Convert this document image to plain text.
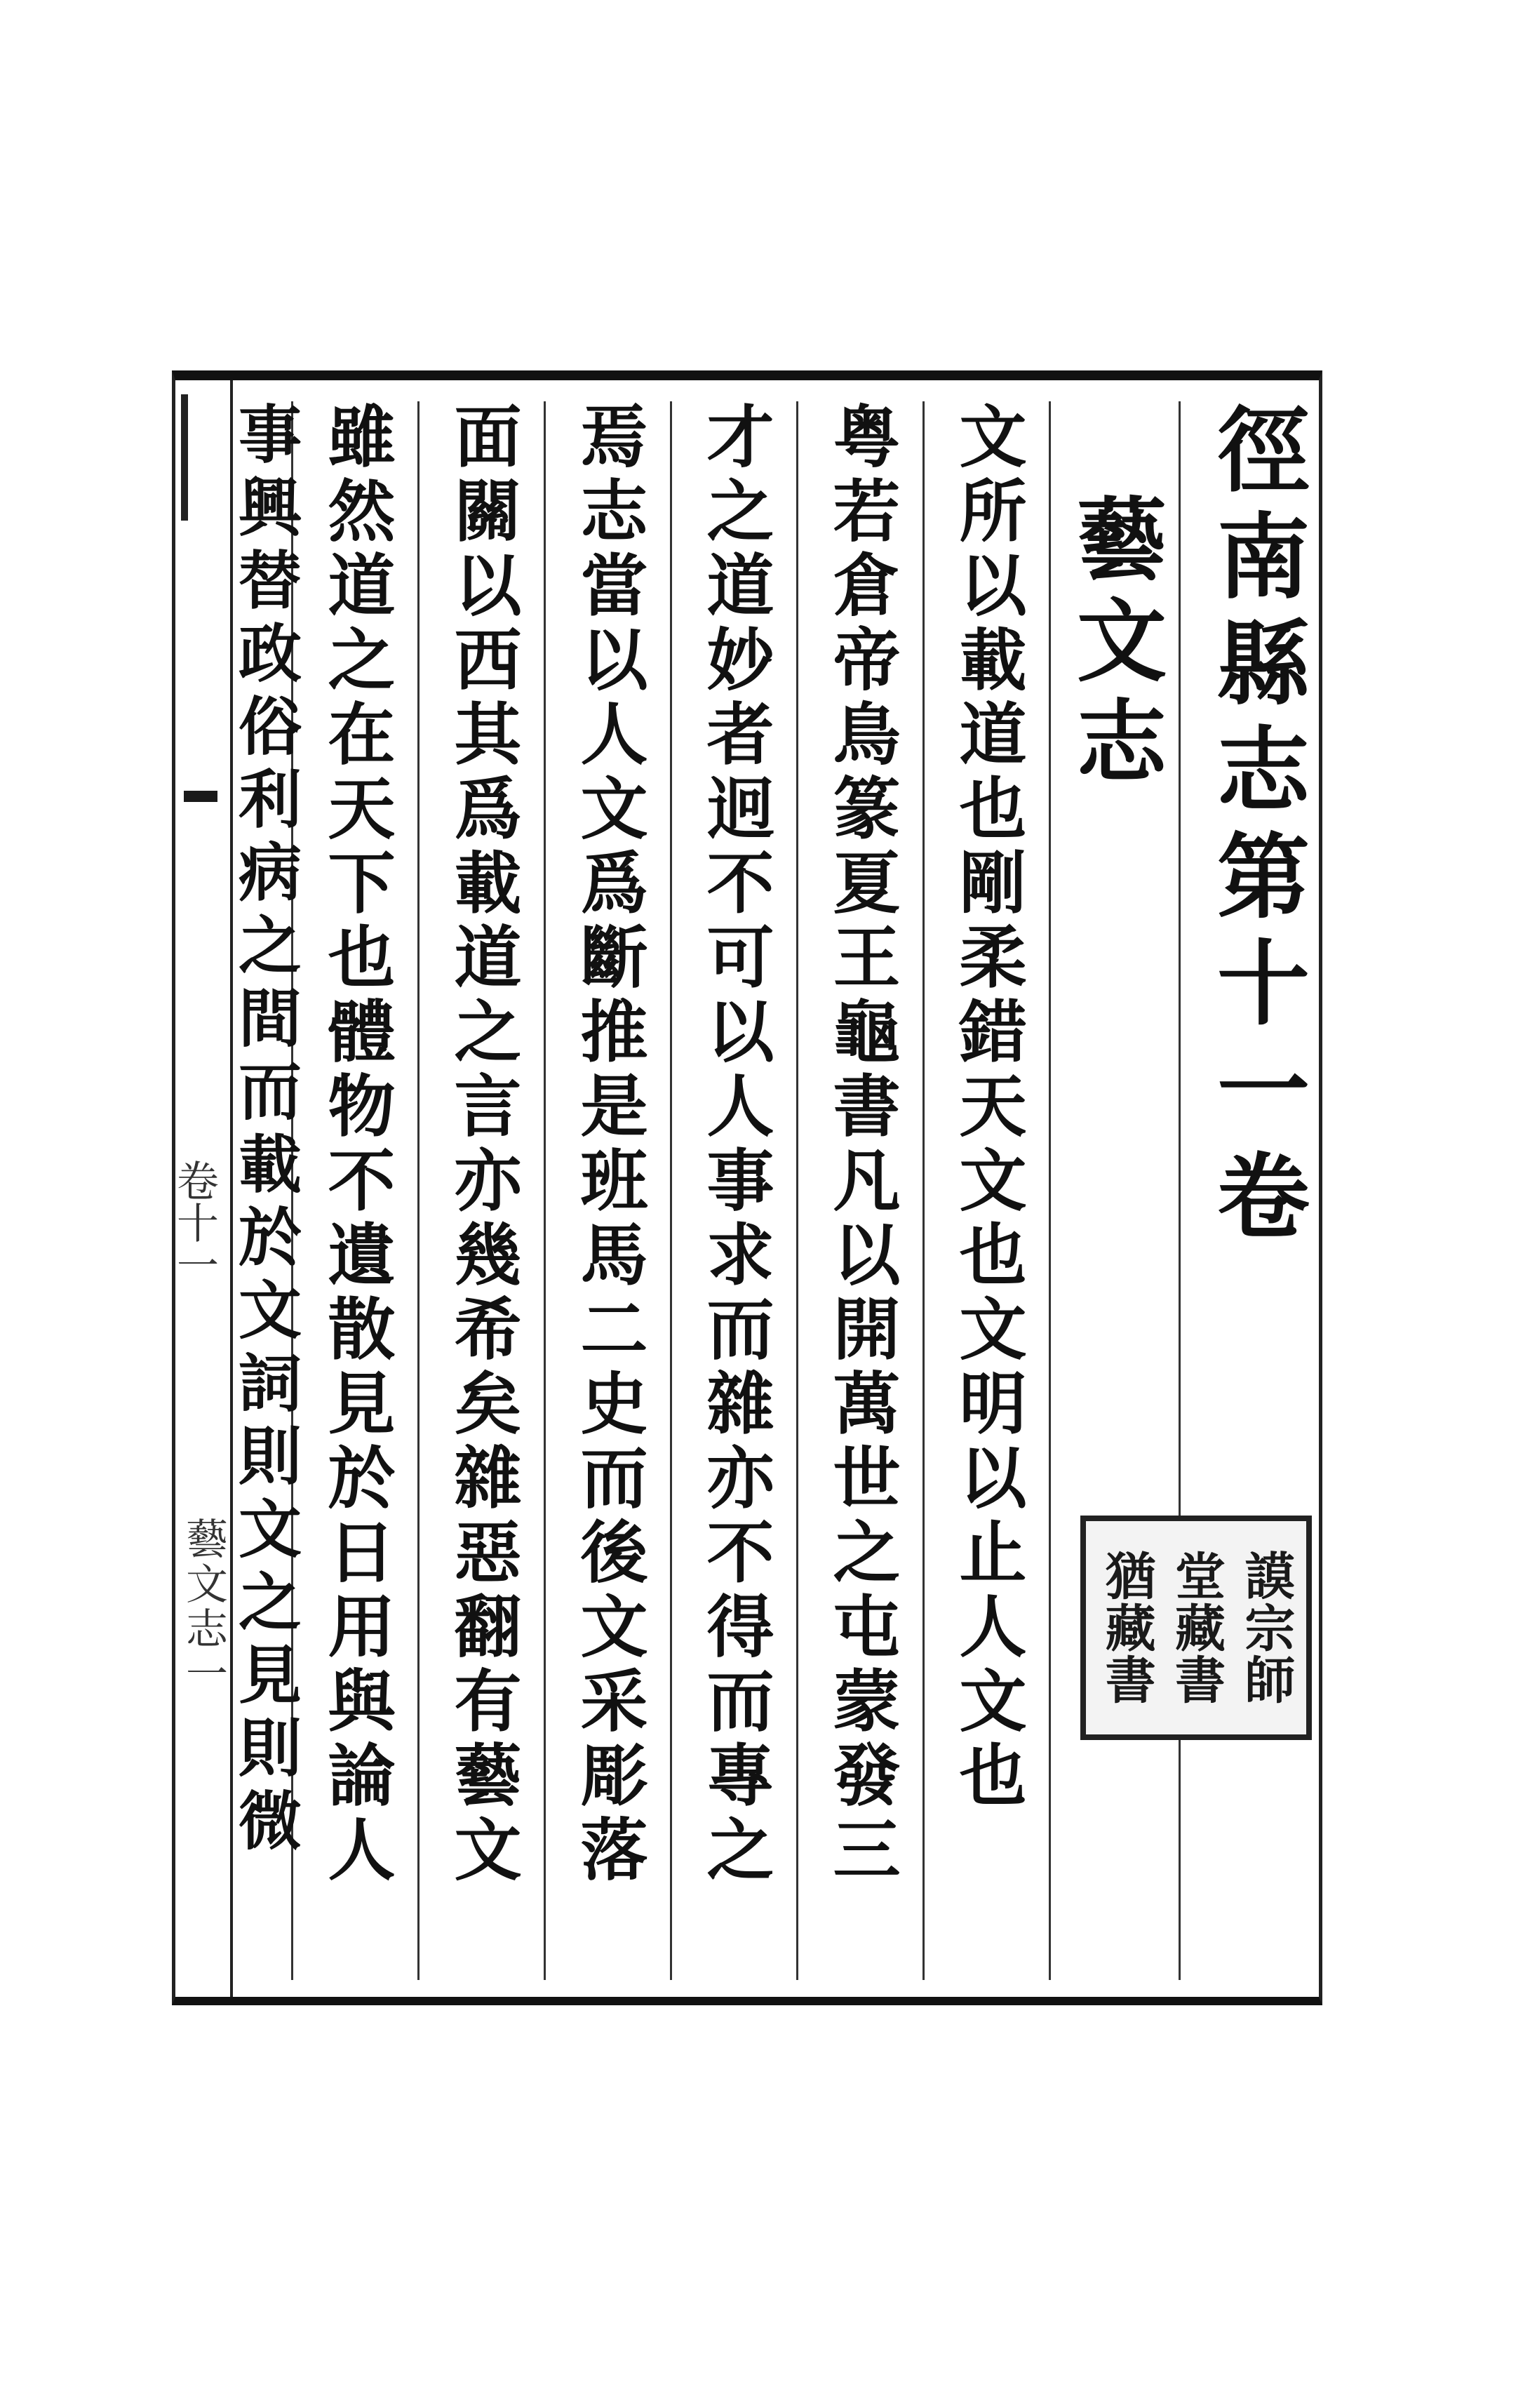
卷十一
藝文志一
徑南縣志第十一卷
藝文志
文所以載道也剛柔錯天文也文明以止人文也
粤若倉帝鳥篆夏王龜書凡以開萬世之屯蒙發三
才之道妙者迥不可以人事求而雜亦不得而專之
焉志當以人文爲斷推是班馬二史而後文采彫落
面關以西其爲載道之言亦幾希矣雜惡翻有藝文
雖然道之在天下也體物不遺散見於日用與論人
事興替政俗利病之間而載於文詞則文之見則微	謨宗師
堂藏書
猶藏書
